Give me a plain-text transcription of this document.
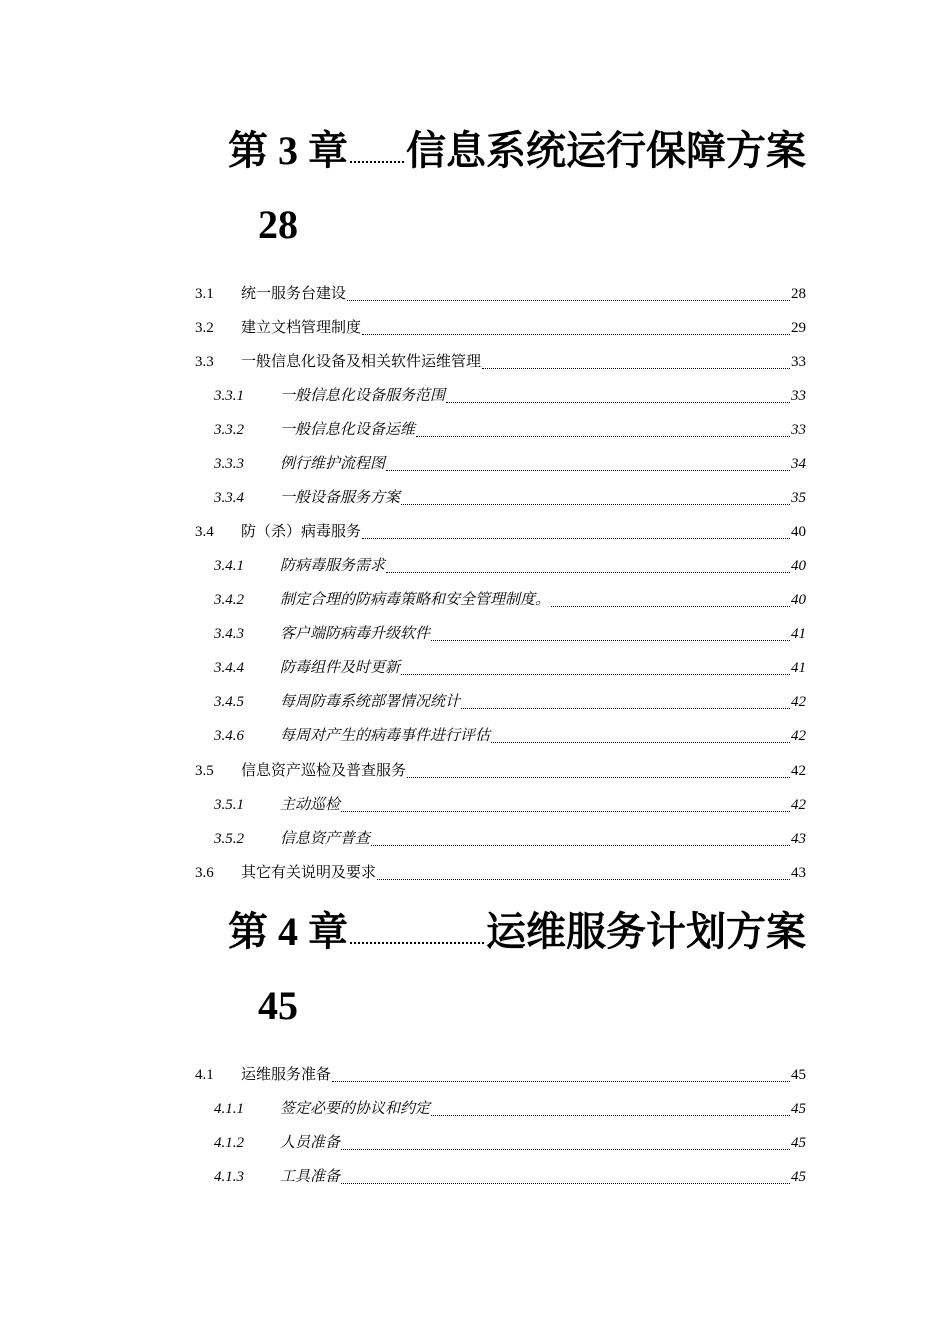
第 3 章 信息系统运行保障方案
28
3.1	统一服务台建设	28
3.2	建立文档管理制度	29
3.3	一般信息化设备及相关软件运维管理	33
3.3.1	一般信息化设备服务范围	33
3.3.2	一般信息化设备运维	33
3.3.3	例行维护流程图	34
3.3.4	一般设备服务方案	35
3.4	防（杀）病毒服务	40
3.4.1	防病毒服务需求	40
3.4.2	制定合理的防病毒策略和安全管理制度。	40
3.4.3	客户端防病毒升级软件	41
3.4.4	防毒组件及时更新	41
3.4.5	每周防毒系统部署情况统计	42
3.4.6	每周对产生的病毒事件进行评估	42
3.5	信息资产巡检及普查服务	42
3.5.1	主动巡检	42
3.5.2	信息资产普查	43
3.6	其它有关说明及要求	43
第 4 章	运维服务计划方案
45
4.1	运维服务准备	45
4.1.1	签定必要的协议和约定	45
4.1.2	人员准备	45
4.1.3	工具准备	45
